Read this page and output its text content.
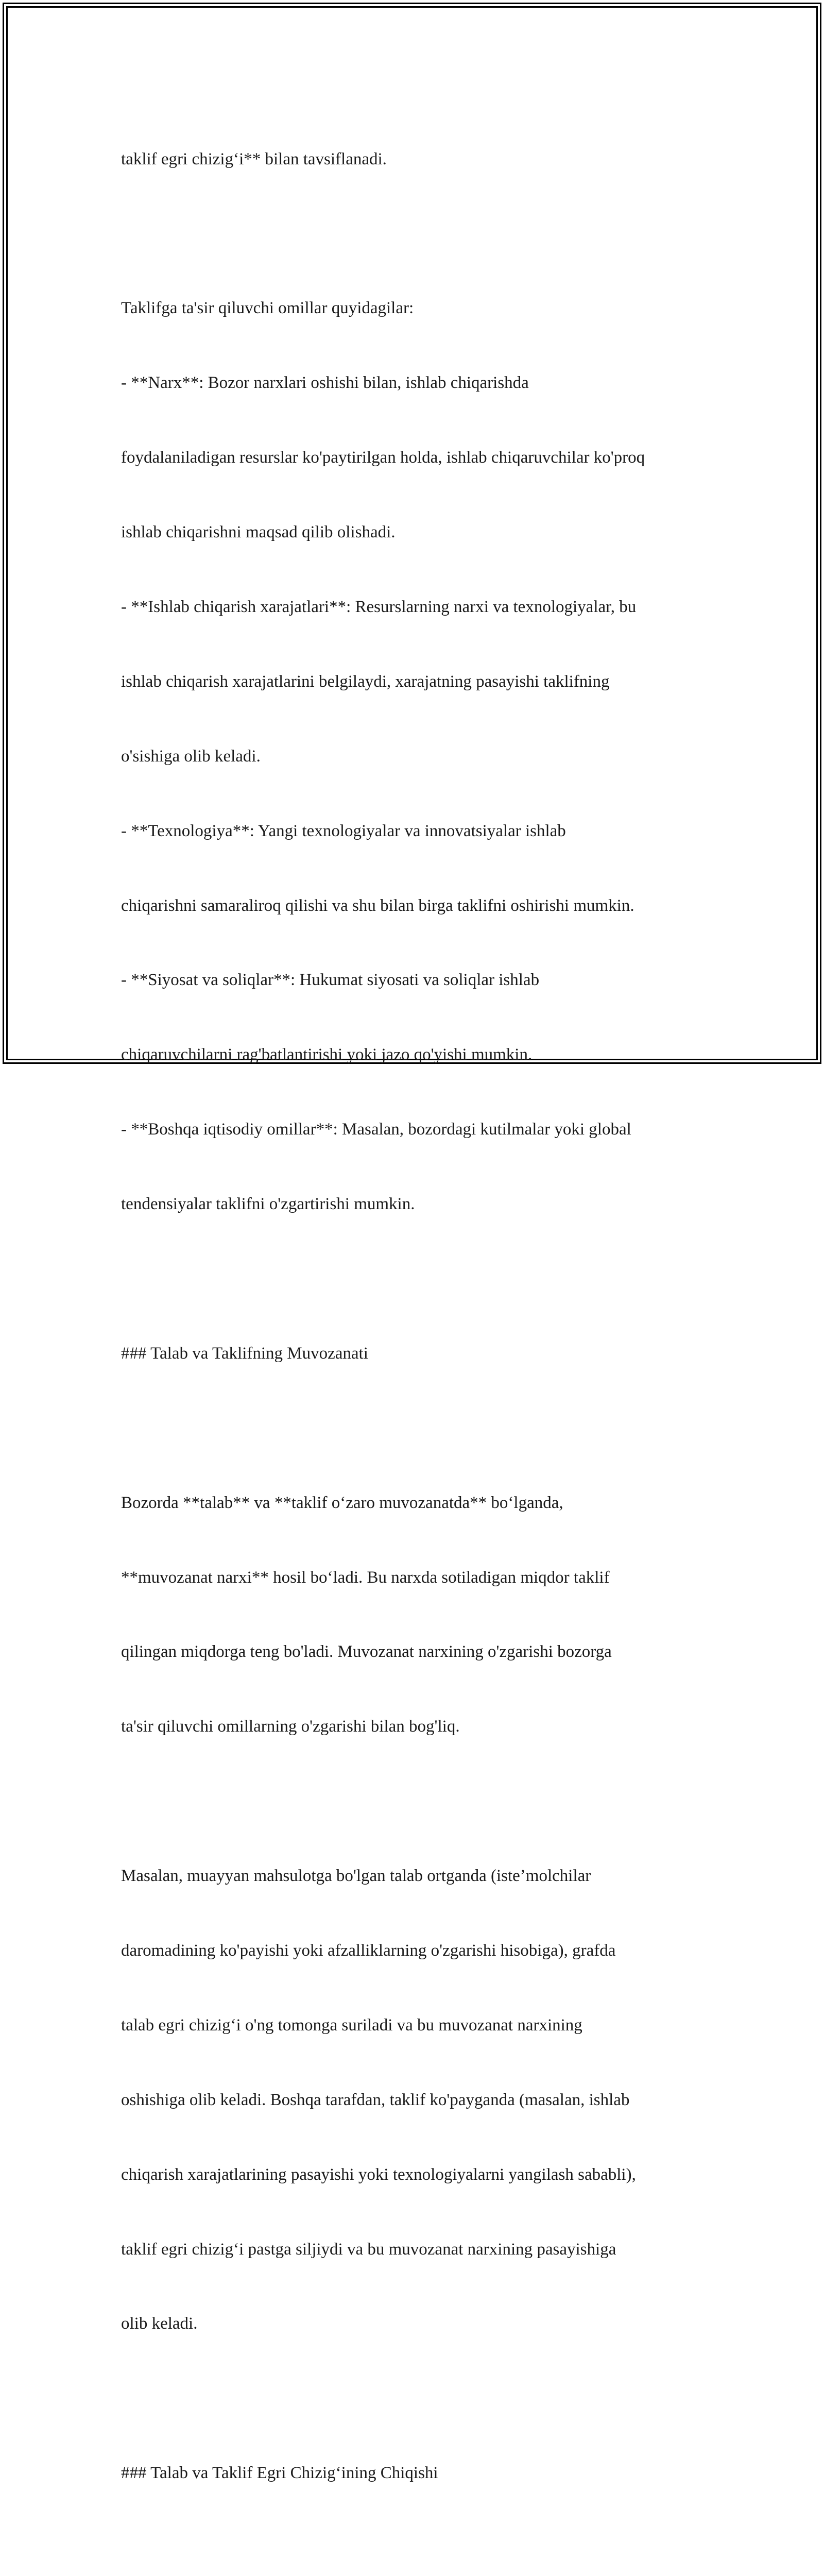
taklif egri chizig‘i** bilan tavsiflanadi.

Taklifga ta'sir qiluvchi omillar quyidagilar:

- **Narx**: Bozor narxlari oshishi bilan, ishlab chiqarishda

foydalaniladigan resurslar ko'paytirilgan holda, ishlab chiqaruvchilar ko'proq

ishlab chiqarishni maqsad qilib olishadi.

- **Ishlab chiqarish xarajatlari**: Resurslarning narxi va texnologiyalar, bu

ishlab chiqarish xarajatlarini belgilaydi, xarajatning pasayishi taklifning

o'sishiga olib keladi.

- **Texnologiya**: Yangi texnologiyalar va innovatsiyalar ishlab

chiqarishni samaraliroq qilishi va shu bilan birga taklifni oshirishi mumkin.

- **Siyosat va soliqlar**: Hukumat siyosati va soliqlar ishlab

chiqaruvchilarni rag'batlantirishi yoki jazo qo'yishi mumkin.

- **Boshqa iqtisodiy omillar**: Masalan, bozordagi kutilmalar yoki global

tendensiyalar taklifni o'zgartirishi mumkin.

### Talab va Taklifning Muvozanati

Bozorda **talab** va **taklif o‘zaro muvozanatda** bo‘lganda,

**muvozanat narxi** hosil bo‘ladi. Bu narxda sotiladigan miqdor taklif

qilingan miqdorga teng bo'ladi. Muvozanat narxining o'zgarishi bozorga

ta'sir qiluvchi omillarning o'zgarishi bilan bog'liq.

Masalan, muayyan mahsulotga bo'lgan talab ortganda (iste’molchilar

daromadining ko'payishi yoki afzalliklarning o'zgarishi hisobiga), grafda

talab egri chizig‘i o'ng tomonga suriladi va bu muvozanat narxining

oshishiga olib keladi. Boshqa tarafdan, taklif ko'payganda (masalan, ishlab

chiqarish xarajatlarining pasayishi yoki texnologiyalarni yangilash sababli),

taklif egri chizig‘i pastga siljiydi va bu muvozanat narxining pasayishiga

olib keladi.

### Talab va Taklif Egri Chizig‘ining Chiqishi
